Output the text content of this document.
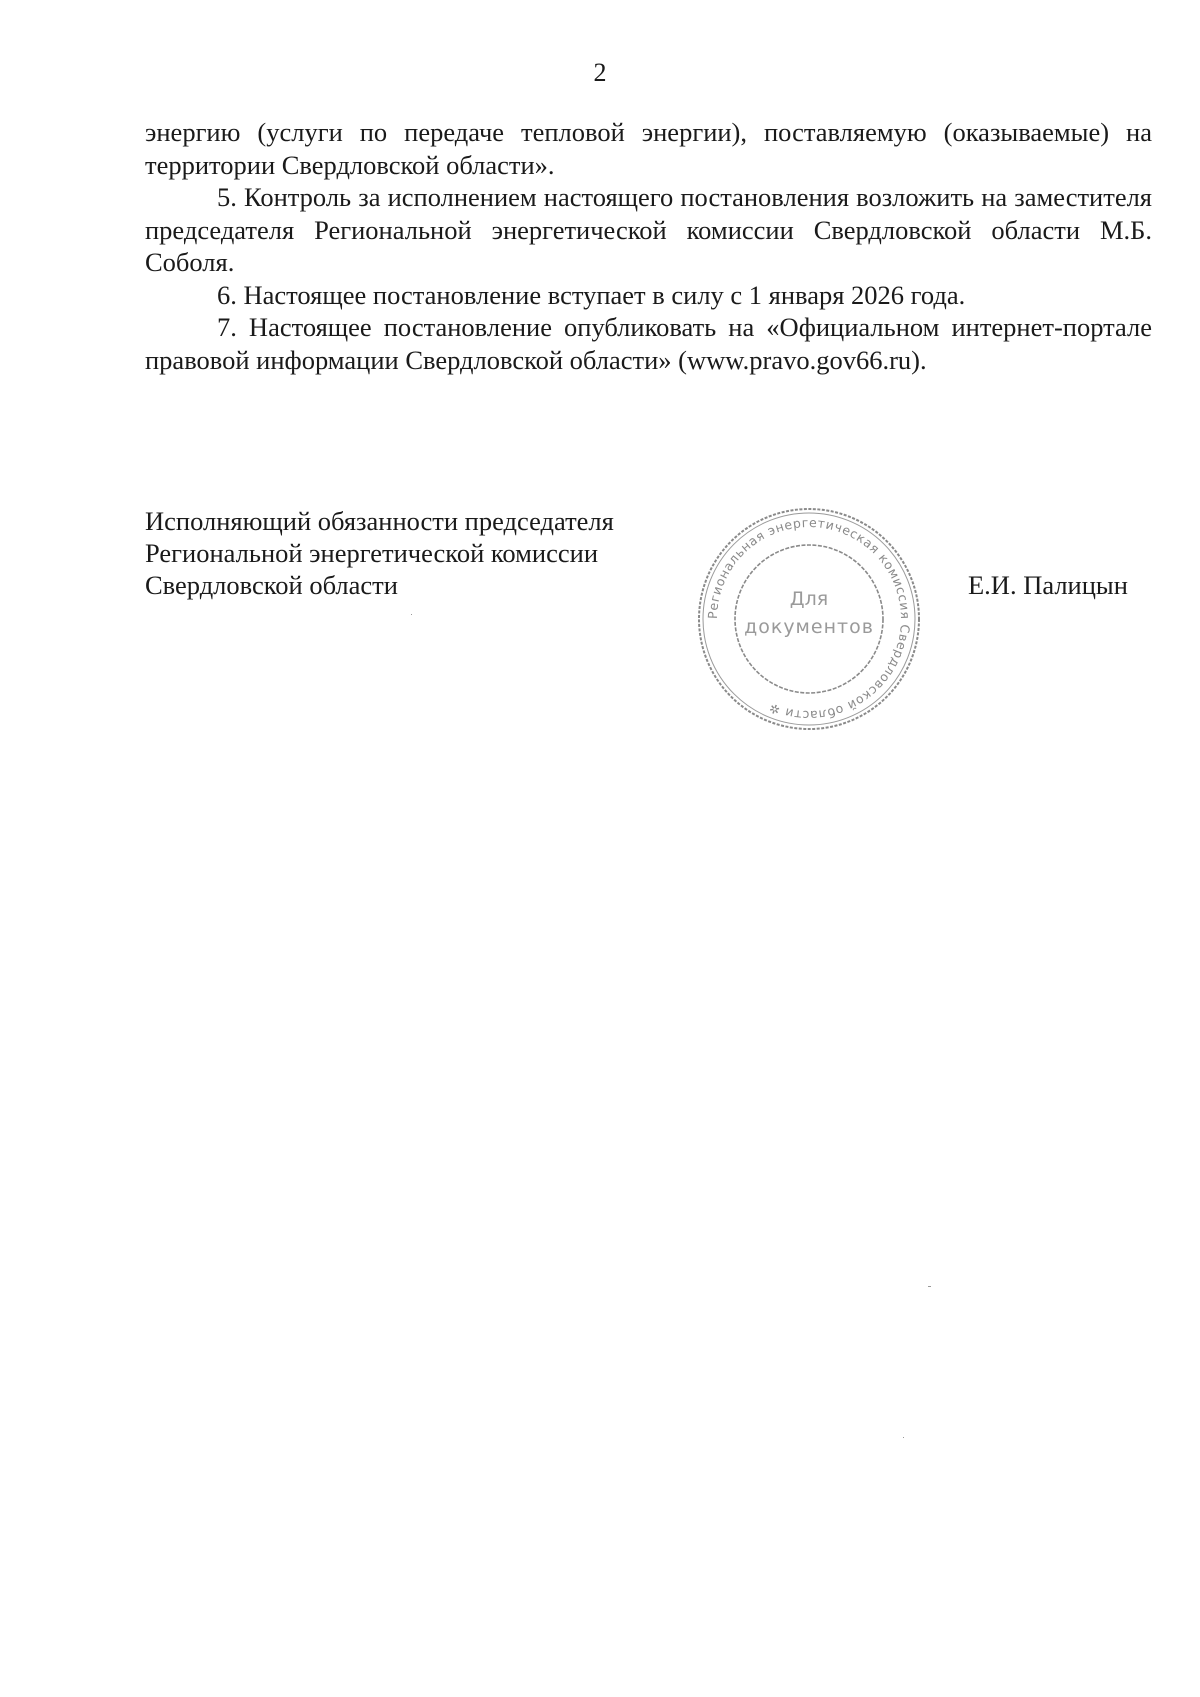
2

энергию (услуги по передаче тепловой энергии), поставляемую (оказываемые) на территории Свердловской области».

5. Контроль за исполнением настоящего постановления возложить на заместителя председателя Региональной энергетической комиссии Свердловской области М.Б. Соболя.

6. Настоящее постановление вступает в силу с 1 января 2026 года.

7. Настоящее постановление опубликовать на «Официальном интернет-портале правовой информации Свердловской области» (www.pravo.gov66.ru).

Исполняющий обязанности председателя
Региональной энергетической комиссии
Свердловской области
Региональная энергетическая комиссия Свердловской области ✲
Для
документов
Е.И. Палицын
